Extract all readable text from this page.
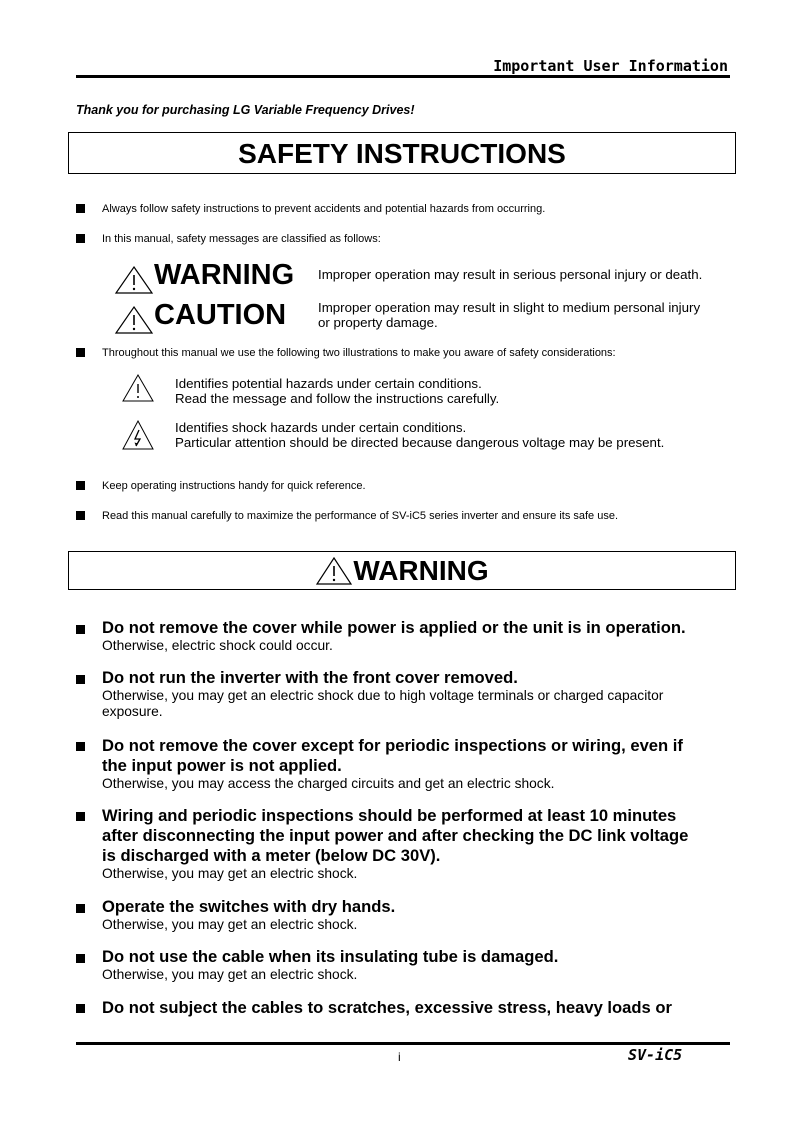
Important User Information
Thank you for purchasing LG Variable Frequency Drives!
SAFETY INSTRUCTIONS
Always follow safety instructions to prevent accidents and potential hazards from occurring.
In this manual, safety messages are classified as follows:
WARNING Improper operation may result in serious personal injury or death.
CAUTION Improper operation may result in slight to medium personal injury
or property damage.
Throughout this manual we use the following two illustrations to make you aware of safety considerations:
Identifies potential hazards under certain conditions.
Read the message and follow the instructions carefully.
Identifies shock hazards under certain conditions.
Particular attention should be directed because dangerous voltage may be present.
Keep operating instructions handy for quick reference.
Read this manual carefully to maximize the performance of SV-iC5 series inverter and ensure its safe use.
WARNING
Do not remove the cover while power is applied or the unit is in operation.
Otherwise, electric shock could occur.
Do not run the inverter with the front cover removed.
Otherwise, you may get an electric shock due to high voltage terminals or charged capacitor
exposure.
Do not remove the cover except for periodic inspections or wiring, even if
the input power is not applied.
Otherwise, you may access the charged circuits and get an electric shock.
Wiring and periodic inspections should be performed at least 10 minutes
after disconnecting the input power and after checking the DC link voltage
is discharged with a meter (below DC 30V).
Otherwise, you may get an electric shock.
Operate the switches with dry hands.
Otherwise, you may get an electric shock.
Do not use the cable when its insulating tube is damaged.
Otherwise, you may get an electric shock.
Do not subject the cables to scratches, excessive stress, heavy loads or
i	SV-iC5
